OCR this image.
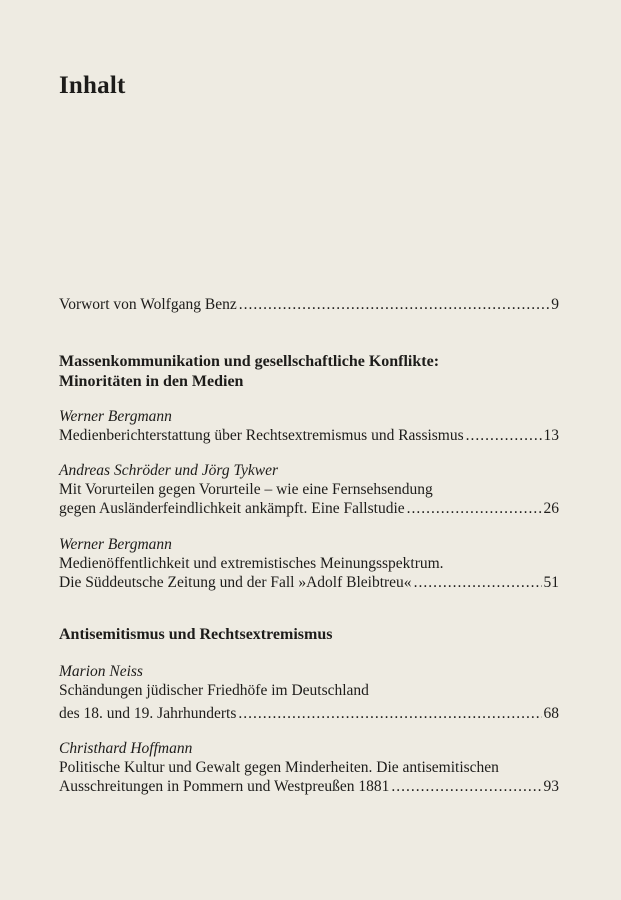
Inhalt
Vorwort von Wolfgang Benz .....	9
Massenkommunikation und gesellschaftliche Konflikte:
Minoritäten in den Medien
Werner Bergmann
Medienberichterstattung über Rechtsextremismus und Rassismus .....	13
Andreas Schröder und Jörg Tykwer
Mit Vorurteilen gegen Vorurteile – wie eine Fernsehsendung
gegen Ausländerfeindlichkeit ankämpft. Eine Fallstudie .....	26
Werner Bergmann
Medienöffentlichkeit und extremistisches Meinungsspektrum.
Die Süddeutsche Zeitung und der Fall »Adolf Bleibtreu« .....	51
Antisemitismus und Rechtsextremismus
Marion Neiss
Schändungen jüdischer Friedhöfe im Deutschland
des 18. und 19. Jahrhunderts .....	68
Christhard Hoffmann
Politische Kultur und Gewalt gegen Minderheiten. Die antisemitischen
Ausschreitungen in Pommern und Westpreußen 1881 .....	93
